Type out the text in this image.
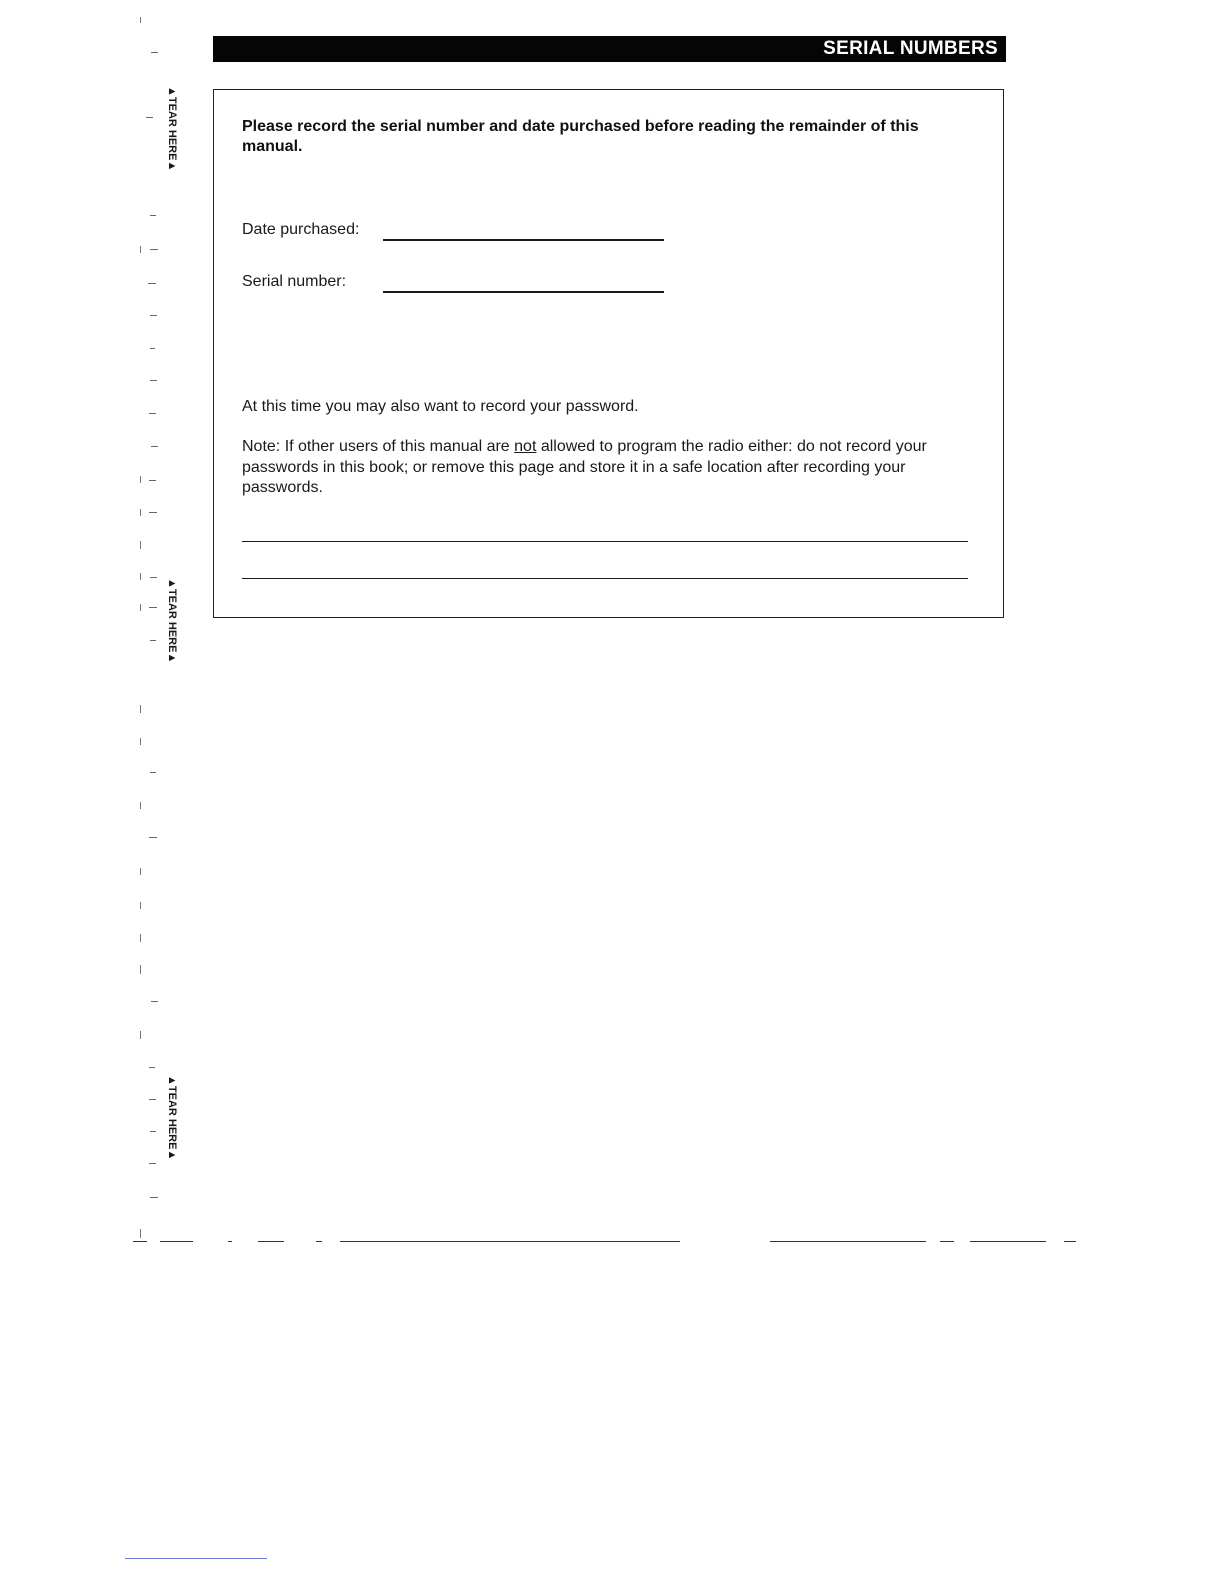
SERIAL NUMBERS
Please record the serial number and date purchased before reading the remainder of this manual.
Date purchased:
Serial number:
At this time you may also want to record your password.
Note: If other users of this manual are not allowed to program the radio either: do not record your passwords in this book; or remove this page and store it in a safe location after recording your passwords.
▲TEAR HERE▲
▲TEAR HERE▲
▲TEAR HERE▲
